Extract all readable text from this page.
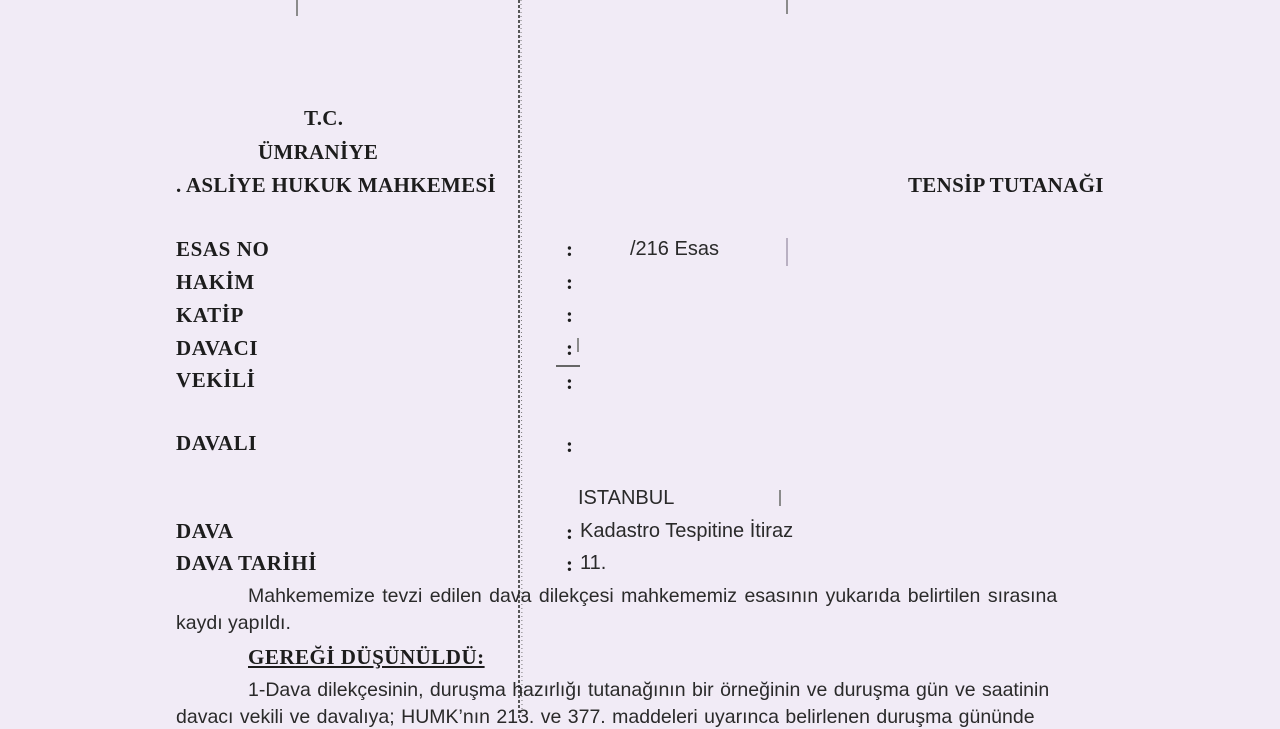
T.C.
ÜMRANİYE
. ASLİYE HUKUK MAHKEMESİ	TENSİP TUTANAĞI
ESAS NO	:	/216 Esas
HAKİM	:
KATİP	:
DAVACI	:
VEKİLİ	:
DAVALI	:
ISTANBUL
DAVA	: Kadastro Tespitine İtiraz
DAVA TARİHİ	: 11.
Mahkememize tevzi edilen dava dilekçesi mahkememiz esasının yukarıda belirtilen sırasına
kaydı yapıldı.
GEREĞİ DÜŞÜNÜLDÜ:
1-Dava dilekçesinin, duruşma hazırlığı tutanağının bir örneğinin ve duruşma gün ve saatinin
davacı vekili ve davalıya; HUMK’nın 213. ve 377. maddeleri uyarınca belirlenen duruşma gününde
